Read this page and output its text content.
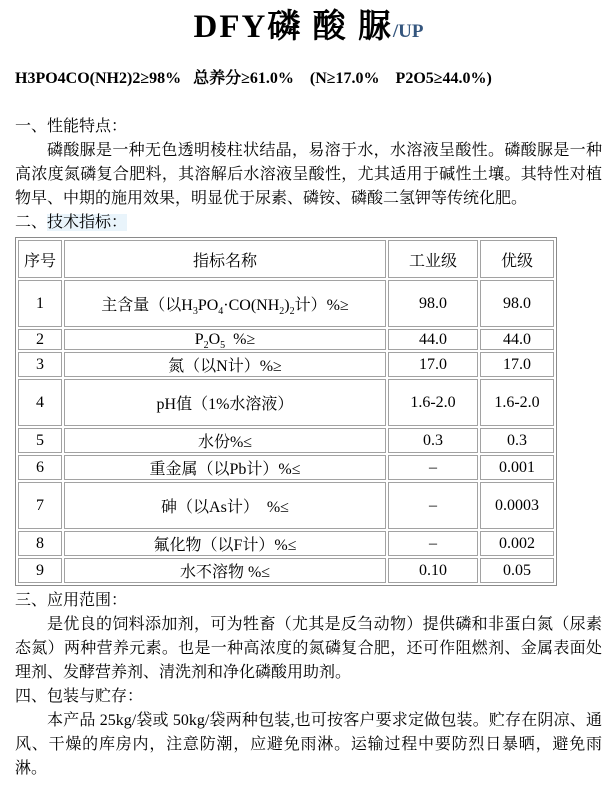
DFY磷 酸 脲/UP
H3PO4CO(NH2)2≥98%   总养分≥61.0%    (N≥17.0%    P2O5≥44.0%)
一、性能特点：

磷酸脲是一种无色透明棱柱状结晶，易溶于水，水溶液呈酸性。磷酸脲是一种高浓度氮磷复合肥料，其溶解后水溶液呈酸性，尤其适用于碱性土壤。其特性对植物早、中期的施用效果，明显优于尿素、磷铵、磷酸二氢钾等传统化肥。

二、技术指标：
序号	指标名称	工业级	优级
1	主含量（以$H_3PO_4\cdot CO(NH_2)_2$计）%≥	98.0	98.0
2	$P_2O_5$  %≥	44.0	44.0
3	氮（以N计）%≥	17.0	17.0
4	pH值（1%水溶液）	1.6-2.0	1.6-2.0
5	水份%≤	0.3	0.3
6	重金属（以Pb计）%≤	–	0.001
7	砷（以As计）  %≤	–	0.0003
8	氟化物（以F计）%≤	–	0.002
9	水不溶物 %≤	0.10	0.05
三、应用范围：

是优良的饲料添加剂，可为牲畜（尤其是反刍动物）提供磷和非蛋白氮（尿素态氮）两种营养元素。也是一种高浓度的氮磷复合肥，还可作阻燃剂、金属表面处理剂、发酵营养剂、清洗剂和净化磷酸用助剂。

四、包装与贮存：

本产品 25kg/袋或 50kg/袋两种包装,也可按客户要求定做包装。贮存在阴凉、通风、干燥的库房内，注意防潮，应避免雨淋。运输过程中要防烈日暴晒，避免雨淋。
